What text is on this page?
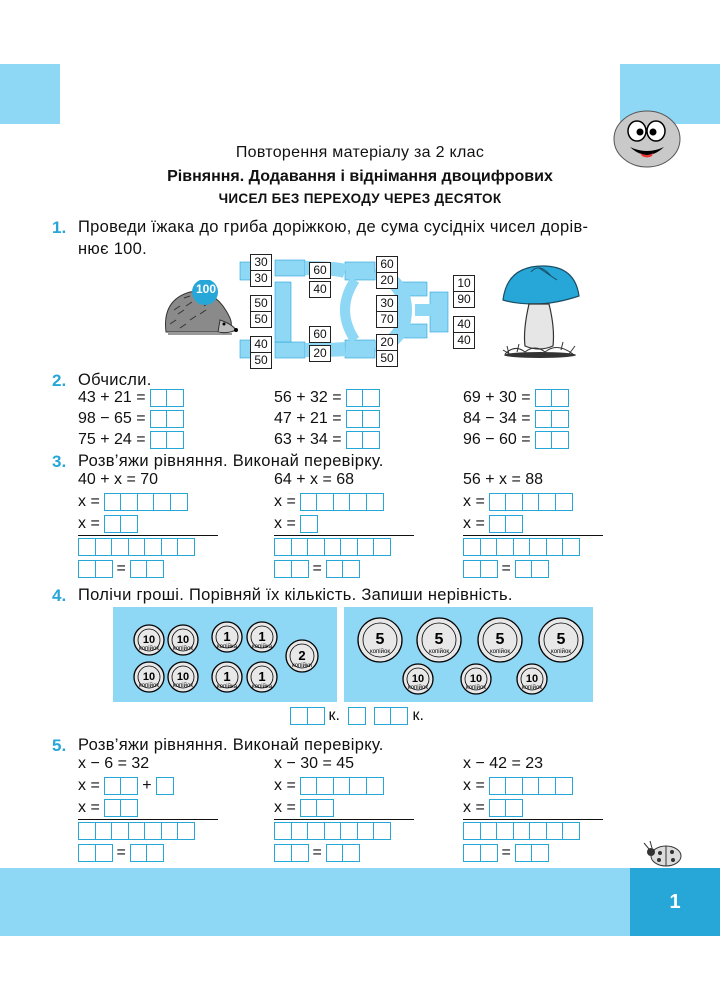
1
Повторення матеріалу за 2 клас
Рівняння. Додавання і віднімання двоцифрових
ЧИСЕЛ БЕЗ ПЕРЕХОДУ ЧЕРЕЗ ДЕСЯТОК
1. Проведи їжака до гриба доріжкою, де сума сусідніх чисел дорів-
нює 100.
100
30
30
50
50
40
50
60
40
60
20
60
20
30
70
20
50
10
90
40
40
2. Обчисли.
43 + 21 =
98 − 65 =
75 + 24 =
56 + 32 =
47 + 21 =
63 + 34 =
69 + 30 =
84 − 34 =
96 − 60 =
3. Розв’яжи рівняння. Виконай перевірку.
40 + x = 70
x =
x =
=
64 + x = 68
x =
x =
=
56 + x = 88
x =
x =
=
4. Полічи гроші. Порівняй їх кількість. Запиши нерівність.
10
копійок
10
копійок
1
копійка
1
копійка
10
копійок
10
копійок
1
копійка
1
копійка
2
копійки
5
копійок
5
копійок
5
копійок
5
копійок
10
копійок
10
копійок
10
копійок
к.	к.
5. Розв’яжи рівняння. Виконай перевірку.
x − 6 = 32
x =	+
x =
=
x − 30 = 45
x =
x =
=
x − 42 = 23
x =
x =
=
